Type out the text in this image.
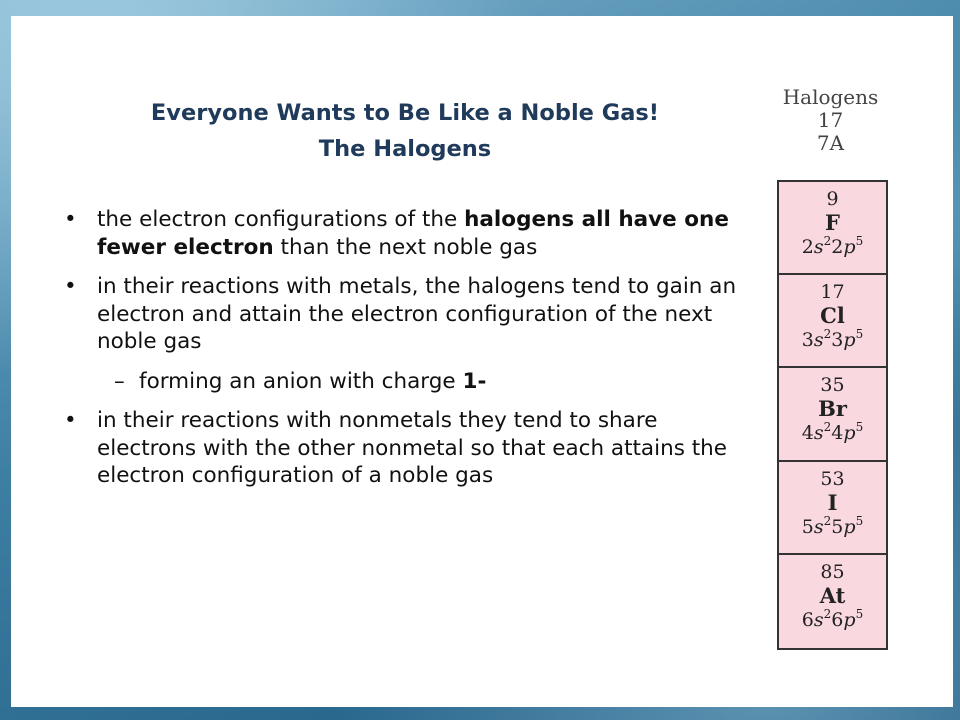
Everyone Wants to Be Like a Noble Gas!
The Halogens
• the electron configurations of the halogens all have one fewer electron than the next noble gas
• in their reactions with metals, the halogens tend to gain an electron and attain the electron configuration of the next noble gas
– forming an anion with charge 1-
• in their reactions with nonmetals they tend to share electrons with the other nonmetal so that each attains the electron configuration of a noble gas
Halogens
17
7A
9
F
$2s^22p^5$
17
Cl
$3s^23p^5$
35
Br
$4s^24p^5$
53
I
$5s^25p^5$
85
At
$6s^26p^5$
